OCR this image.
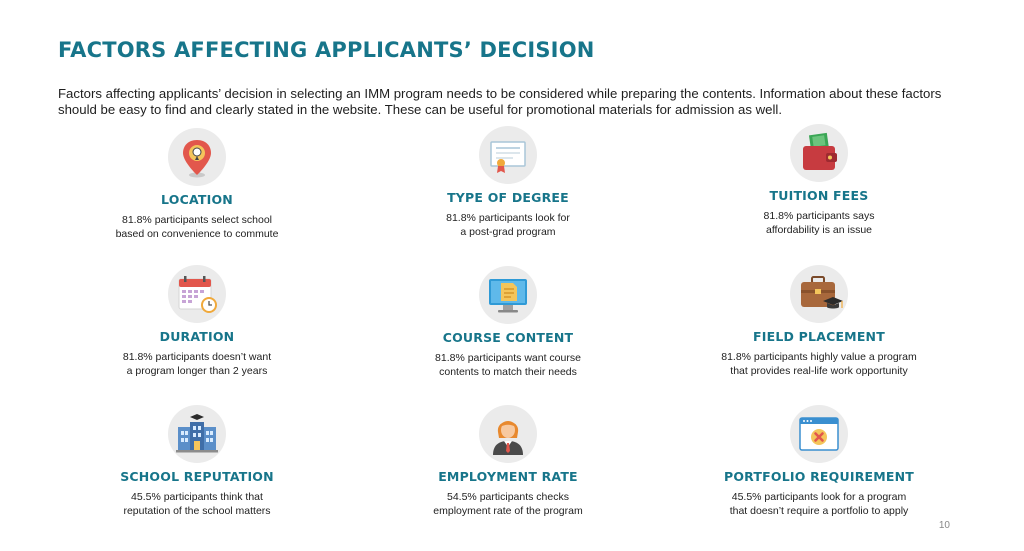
FACTORS AFFECTING APPLICANTS’ DECISION

Factors affecting applicants’ decision in selecting an IMM program needs to be considered while preparing the contents. Information about these factors should be easy to find and clearly stated in the website. These can be useful for promotional materials for admission as well.

LOCATION
81.8% participants select school
based on convenience to commute
TYPE OF DEGREE
81.8% participants look for
a post-grad program
TUITION FEES
81.8% participants says
affordability is an issue
DURATION
81.8% participants doesn’t want
a program longer than 2 years
COURSE CONTENT
81.8% participants want course
contents to match their needs
FIELD PLACEMENT
81.8% participants highly value a program
that provides real-life work opportunity
SCHOOL REPUTATION
45.5% participants think that
reputation of the school matters
EMPLOYMENT RATE
54.5% participants checks
employment rate of the program
PORTFOLIO REQUIREMENT
45.5% participants look for a program
that doesn’t require a portfolio to apply
10
